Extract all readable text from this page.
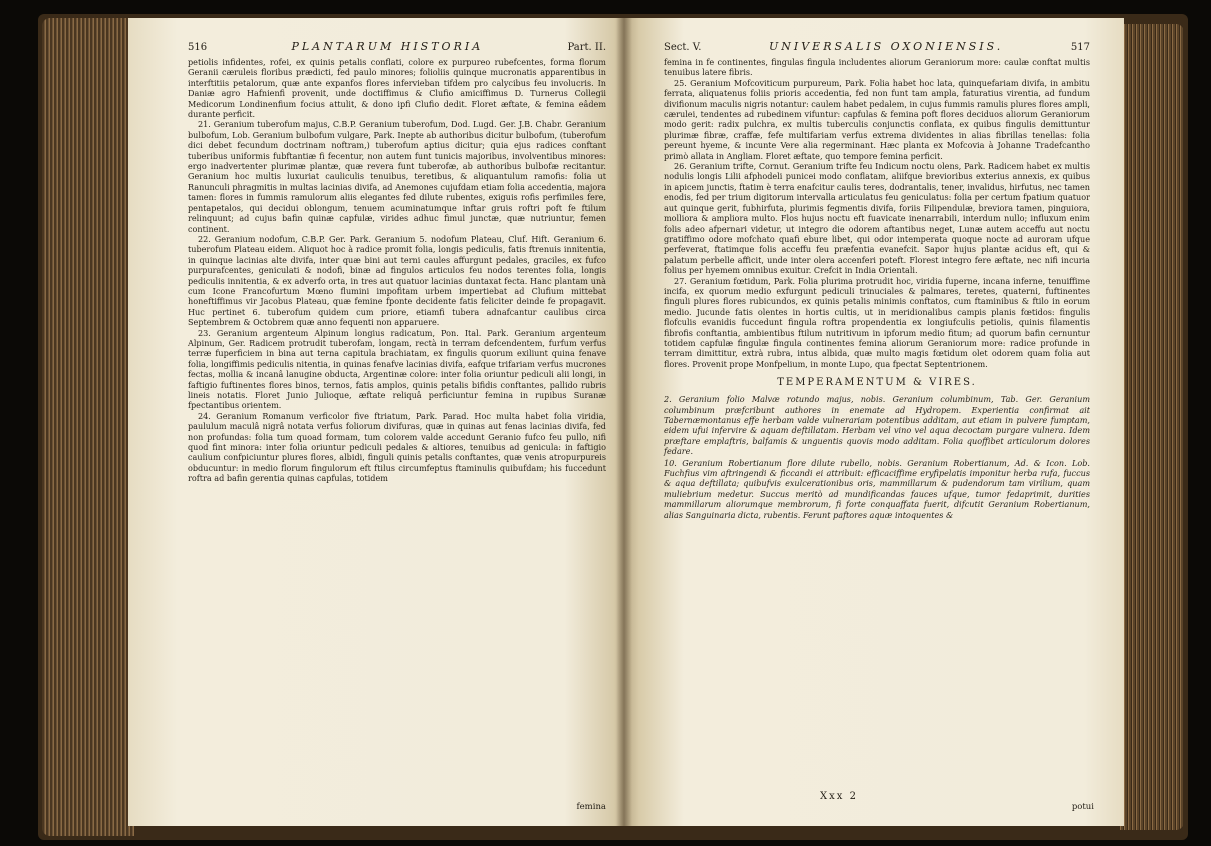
516	PLANTARUM HISTORIA	Part. II.

petiolis infidentes, rofei, ex quinis petalis conflati, colore ex purpureo rubefcentes, forma florum Geranii cæruleis floribus prædicti, fed paulo minores; folioliis quinque mucronatis apparentibus in interftitiis petalorum, quæ ante expanfos flores infervieban tifdem pro calycibus feu involucris. In Daniæ agro Hafnienfi provenit, unde doctiffimus & Clufio amiciffimus D. Turnerus Collegii Medicorum Londinenfium focius attulit, & dono ipfi Clufio dedit. Floret æftate, & femina eâdem durante perficit.

21. Geranium tuberofum majus, C.B.P. Geranium tuberofum, Dod. Lugd. Ger. J.B. Chabr. Geranium bulbofum, Lob. Geranium bulbofum vulgare, Park. Inepte ab authoribus dicitur bulbofum, (tuberofum dici debet fecundum doctrinam noftram,) tuberofum aptius dicitur; quia ejus radices conftant tuberibus uniformis fubftantiæ fi fecentur, non autem funt tunicis majoribus, involventibus minores: ergo inadvertenter plurimæ plantæ, quæ revera funt tuberofæ, ab authoribus bulbofæ recitantur. Geranium hoc multis luxuriat cauliculis tenuibus, teretibus, & aliquantulum ramofis: folia ut Ranunculi phragmitis in multas lacinias divifa, ad Anemones cujufdam etiam folia accedentia, majora tamen: flores in fummis ramulorum aliis elegantes fed dilute rubentes, exiguis rofis perfimiles fere, pentapetalos, qui decidui oblongum, tenuem acuminatumque inftar gruis roftri poft fe ftilum relinquunt; ad cujus bafin quinæ capfulæ, virides adhuc fimul junctæ, quæ nutriuntur, femen continent.

22. Geranium nodofum, C.B.P. Ger. Park. Geranium 5. nodofum Plateau, Cluf. Hift. Geranium 6. tuberofum Plateau eidem. Aliquot hoc à radice promit folia, longis pediculis, fatis ftrenuis innitentia, in quinque lacinias alte divifa, inter quæ bini aut terni caules affurgunt pedales, graciles, ex fufco purpurafcentes, geniculati & nodofi, binæ ad fingulos articulos feu nodos terentes folia, longis pediculis innitentia, & ex adverfo orta, in tres aut quatuor lacinias duntaxat fecta. Hanc plantam unà cum Icone Francofurtum Mœno flumini impofitam urbem impertiebat ad Clufium mittebat honeftiffimus vir Jacobus Plateau, quæ femine fponte decidente fatis feliciter deinde fe propagavit. Huc pertinet 6. tuberofum quidem cum priore, etiamfi tubera adnafcantur caulibus circa Septembrem & Octobrem quæ anno fequenti non apparuere.

23. Geranium argenteum Alpinum longius radicatum, Pon. Ital. Park. Geranium argenteum Alpinum, Ger. Radicem protrudit tuberofam, longam, rectà in terram defcendentem, furfum verfus terræ fuperficiem in bina aut terna capitula brachiatam, ex fingulis quorum exiliunt quina fenave folia, longiffimis pediculis nitentia, in quinas fenafve lacinias divifa, eafque trifariam verfus mucrones fectas, mollia & incanâ lanugine obducta, Argentinæ colore: inter folia oriuntur pediculi alii longi, in faftigio fuftinentes flores binos, ternos, fatis amplos, quinis petalis bifidis conftantes, pallido rubris lineis notatis. Floret Junio Julioque, æftate reliquâ perficiuntur femina in rupibus Suranæ fpectantibus orientem.

24. Geranium Romanum verficolor five ftriatum, Park. Parad. Hoc multa habet folia viridia, paululum maculâ nigrâ notata verfus foliorum divifuras, quæ in quinas aut fenas lacinias divifa, fed non profundas: folia tum quoad formam, tum colorem valde accedunt Geranio fufco feu pullo, nifi quod fint minora: inter folia oriuntur pediculi pedales & altiores, tenuibus ad genicula: in faftigio caulium confpiciuntur plures flores, albidi, finguli quinis petalis conftantes, quæ venis atropurpureis obducuntur: in medio florum fingulorum eft ftilus circumfeptus ftaminulis quibufdam; his fuccedunt roftra ad bafin gerentia quinas capfulas, totidem

femina
Sect. V.	UNIVERSALIS OXONIENSIS.	517

femina in fe continentes, fingulas fingula includentes aliorum Geraniorum more: caulæ conftat multis tenuibus latere fibris.

25. Geranium Mofcoviticum purpureum, Park. Folia habet hoc lata, quinquefariam divifa, in ambitu ferrata, aliquatenus foliis prioris accedentia, fed non funt tam ampla, faturatius virentia, ad fundum divifionum maculis nigris notantur: caulem habet pedalem, in cujus fummis ramulis plures flores ampli, cærulei, tendentes ad rubedinem vifuntur: capfulas & femina poft flores deciduos aliorum Geraniorum modo gerit: radix pulchra, ex multis tuberculis conjunctis conflata, ex quibus fingulis demittuntur plurimæ fibræ, craffæ, fefe multifariam verfus extrema dividentes in alias fibrillas tenellas: folia pereunt hyeme, & incunte Vere alia regerminant. Hæc planta ex Mofcovia à Johanne Tradefcantho primò allata in Angliam. Floret æftate, quo tempore femina perficit.

26. Geranium trifte, Cornut. Geranium trifte feu Indicum noctu olens, Park. Radicem habet ex multis nodulis longis Lilii afphodeli punicei modo conflatam, aliifque brevioribus exterius annexis, ex quibus in apicem junctis, ftatim è terra enafcitur caulis teres, dodrantalis, tener, invalidus, hirfutus, nec tamen enodis, fed per trium digitorum intervalla articulatus feu geniculatus: folia per certum fpatium quatuor aut quinque gerit, fubhirfuta, plurimis fegmentis divifa, foriis Filipendulæ, breviora tamen, pinguiora, molliora & ampliora multo. Flos hujus noctu eft fuavicate inenarrabili, interdum nullo; influxum enim folis adeo afpernari videtur, ut integro die odorem aftantibus neget, Lunæ autem acceffu aut noctu gratiffimo odore mofchato quafi ebure libet, qui odor intemperata quoque nocte ad auroram ufque perfeverat, ftatimque folis acceffu feu præfentia evanefcit. Sapor hujus plantæ acidus eft, qui & palatum perbelle afficit, unde inter olera accenferi poteft. Florest integro fere æftate, nec nifi incuria folius per hyemem omnibus exuitur. Crefcit in India Orientali.

27. Geranium fœtidum, Park. Folia plurima protrudit hoc, viridia fuperne, incana inferne, tenuiffime incifa, ex quorum medio exfurgunt pediculi trinuciales & palmares, teretes, quaterni, fuftinentes finguli plures flores rubicundos, ex quinis petalis minimis conftatos, cum ftaminibus & ftilo in eorum medio. Jucunde fatis olentes in hortis cultis, ut in meridionalibus campis planis fœtidos: fingulis flofculis evanidis fuccedunt fingula roftra propendentia ex longiufculis petiolis, quinis filamentis fibrofis conftantia, ambientibus ftilum nutritivum in ipforum medio fitum; ad quorum bafin cernuntur totidem capfulæ fingulæ fingula continentes femina aliorum Geraniorum more: radice profunde in terram dimittitur, extrà rubra, intus albida, quæ multo magis fœtidum olet odorem quam folia aut flores. Provenit prope Monfpelium, in monte Lupo, qua fpectat Septentrionem.

TEMPERAMENTUM & VIRES.

2. Geranium folio Malvæ rotundo majus, nobis. Geranium columbinum, Tab. Ger. Geranium columbinum præfcribunt authores in enemate ad Hydropem. Experientia confirmat ait Tabernæmontanus effe herbam valde vulnerariam potentibus additam, aut etiam in pulvere fumptam, eidem ufui infervire & aquam deftillatam. Herbam vel vino vel aqua decoctam purgare vulnera. Idem præftare emplaftris, balfamis & unguentis quovis modo additam. Folia quoffibet articulorum dolores fedare.

10. Geranium Robertianum flore dilute rubello, nobis. Geranium Robertianum, Ad. & Icon. Lob. Fuchfius vim aftringendi & ficcandi ei attribuit: efficaciffime eryfipelatis imponitur herba rufa, fuccus & aqua deftillata; quibufvis exulcerationibus oris, mammillarum & pudendorum tam virilium, quam muliebrium medetur. Succus meritò ad mundificandas fauces ufque, tumor fedaprimit, durities mammillarum aliorumque membrorum, fi forte conquaffata fuerit, difcutit Geranium Robertianum, alias Sanguinaria dicta, rubentis. Ferunt paftores aquæ intoquentes &

Xxx 2
potui
